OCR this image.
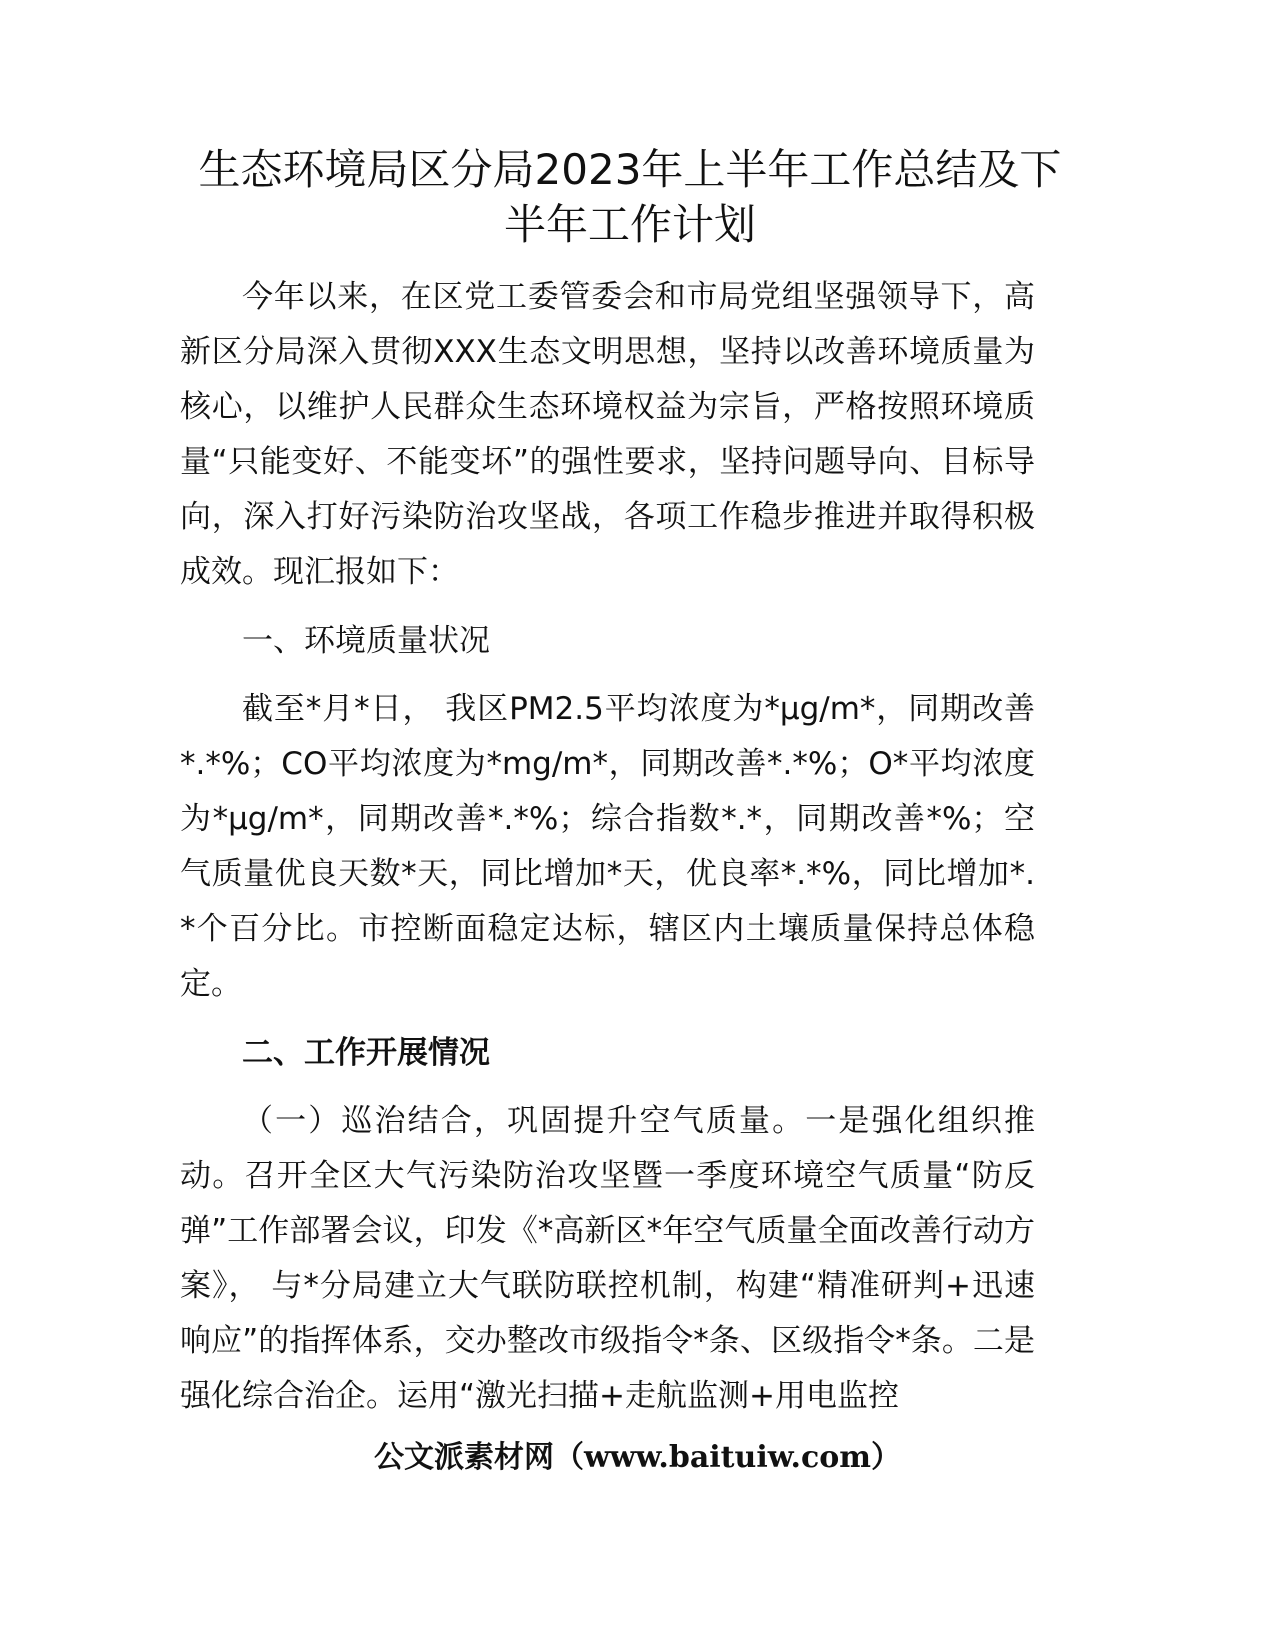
生态环境局区分局2023年上半年工作总结及下
半年工作计划

今年以来，在区党工委管委会和市局党组坚强领导下，高新区分局深入贯彻XXX生态文明思想，坚持以改善环境质量为核心，以维护人民群众生态环境权益为宗旨，严格按照环境质量“只能变好、不能变坏”的强性要求，坚持问题导向、目标导向，深入打好污染防治攻坚战，各项工作稳步推进并取得积极成效。现汇报如下：

一、环境质量状况

截至*月*日， 我区PM2.5平均浓度为*μg/m*，同期改善*.*%；CO平均浓度为*mg/m*，同期改善*.*%；O*平均浓度为*μg/m*，同期改善*.*%；综合指数*.*，同期改善*%；空气质量优良天数*天，同比增加*天，优良率*.*%，同比增加*.*个百分比。市控断面稳定达标，辖区内土壤质量保持总体稳定。

二、工作开展情况

（一）巡治结合，巩固提升空气质量。一是强化组织推动。召开全区大气污染防治攻坚暨一季度环境空气质量“防反弹”工作部署会议，印发《*高新区*年空气质量全面改善行动方案》， 与*分局建立大气联防联控机制，构建“精准研判+迅速响应”的指挥体系，交办整改市级指令*条、区级指令*条。二是强化综合治企。运用“激光扫描+走航监测+用电监控

公文派素材网（www.baituiw.com）
